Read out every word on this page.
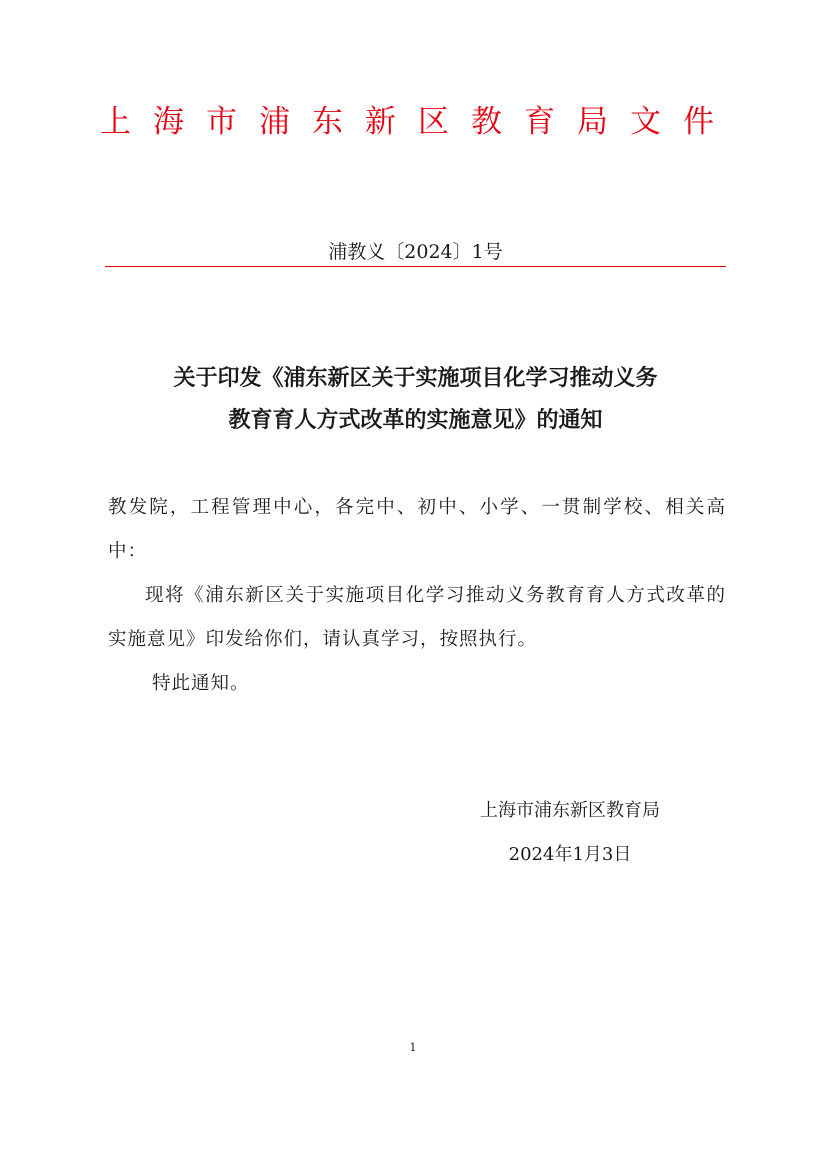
上海市浦东新区教育局文件
浦教义〔2024〕1号
关于印发《浦东新区关于实施项目化学习推动义务
教育育人方式改革的实施意见》的通知
教发院，工程管理中心，各完中、初中、小学、一贯制学校、相关高中：
现将《浦东新区关于实施项目化学习推动义务教育育人方式改革的实施意见》印发给你们，请认真学习，按照执行。
特此通知。
上海市浦东新区教育局
2024年1月3日
1
